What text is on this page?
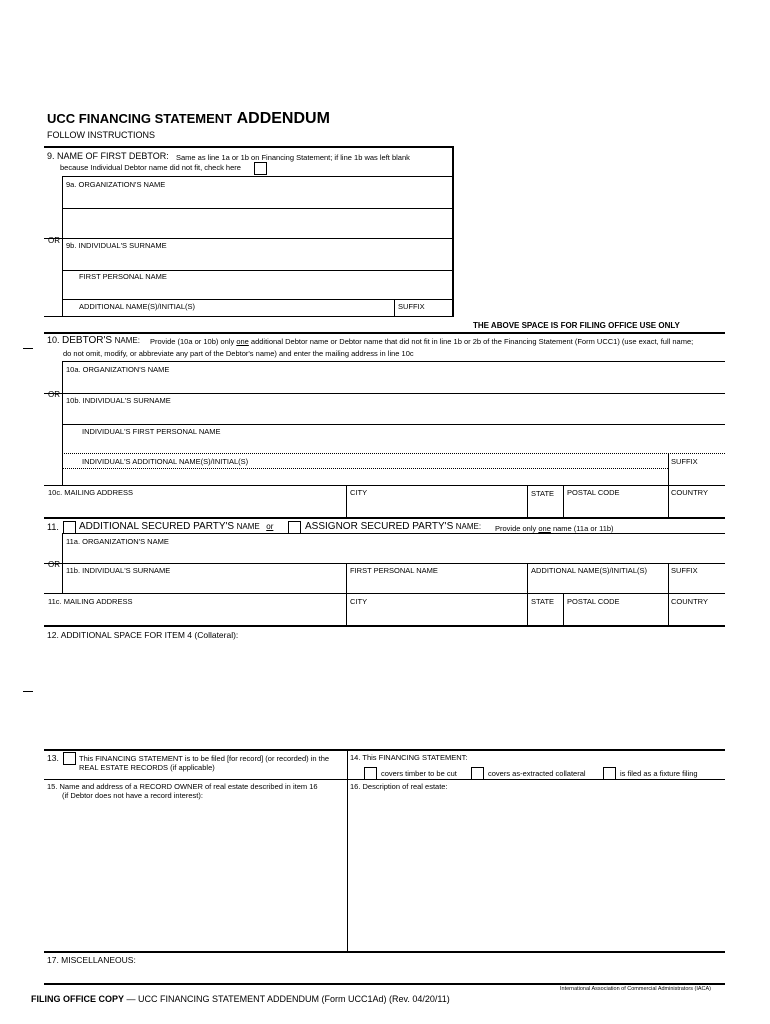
UCC FINANCING STATEMENT ADDENDUM
FOLLOW INSTRUCTIONS
9. NAME OF FIRST DEBTOR: Same as line 1a or 1b on Financing Statement; if line 1b was left blank
because Individual Debtor name did not fit, check here
9a. ORGANIZATION'S NAME
OR
9b. INDIVIDUAL'S SURNAME
FIRST PERSONAL NAME
ADDITIONAL NAME(S)/INITIAL(S)	SUFFIX
THE ABOVE SPACE IS FOR FILING OFFICE USE ONLY
10. DEBTOR'S NAME: Provide (10a or 10b) only one additional Debtor name or Debtor name that did not fit in line 1b or 2b of the Financing Statement (Form UCC1) (use exact, full name;
do not omit, modify, or abbreviate any part of the Debtor's name) and enter the mailing address in line 10c
10a. ORGANIZATION'S NAME
OR
10b. INDIVIDUAL'S SURNAME
INDIVIDUAL'S FIRST PERSONAL NAME
INDIVIDUAL'S ADDITIONAL NAME(S)/INITIAL(S)	SUFFIX
10c. MAILING ADDRESS	CITY	STATE POSTAL CODE	COUNTRY
11. ADDITIONAL SECURED PARTY'S NAME or	ASSIGNOR SECURED PARTY'S NAME: Provide only one name (11a or 11b)
11a. ORGANIZATION'S NAME
OR
11b. INDIVIDUAL'S SURNAME	FIRST PERSONAL NAME	ADDITIONAL NAME(S)/INITIAL(S)	SUFFIX
11c. MAILING ADDRESS	CITY	STATE POSTAL CODE	COUNTRY
12. ADDITIONAL SPACE FOR ITEM 4 (Collateral):
13.	This FINANCING STATEMENT is to be filed [for record] (or recorded) in the
REAL ESTATE RECORDS (if applicable)
14. This FINANCING STATEMENT:
covers timber to be cut	covers as-extracted collateral	is filed as a fixture filing
15. Name and address of a RECORD OWNER of real estate described in item 16
(if Debtor does not have a record interest):
16. Description of real estate:
17. MISCELLANEOUS:
International Association of Commercial Administrators (IACA)
FILING OFFICE COPY — UCC FINANCING STATEMENT ADDENDUM (Form UCC1Ad) (Rev. 04/20/11)
